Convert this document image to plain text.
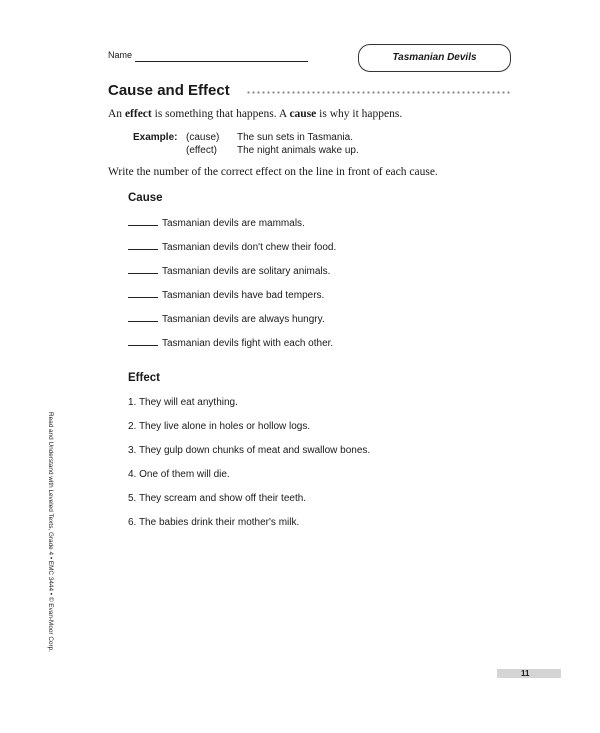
Name	Tasmanian Devils
Cause and Effect
An effect is something that happens. A cause is why it happens.
Example: (cause) The sun sets in Tasmania.
(effect) The night animals wake up.
Write the number of the correct effect on the line in front of each cause.
Cause
Tasmanian devils are mammals.
Tasmanian devils don't chew their food.
Tasmanian devils are solitary animals.
Tasmanian devils have bad tempers.
Tasmanian devils are always hungry.
Tasmanian devils fight with each other.
Effect
1. They will eat anything.
2. They live alone in holes or hollow logs.
3. They gulp down chunks of meat and swallow bones.
4. One of them will die.
5. They scream and show off their teeth.
6. The babies drink their mother's milk.
Read and Understand with Leveled Texts, Grade 4 • EMC 3444 • © Evan-Moor Corp.
11
